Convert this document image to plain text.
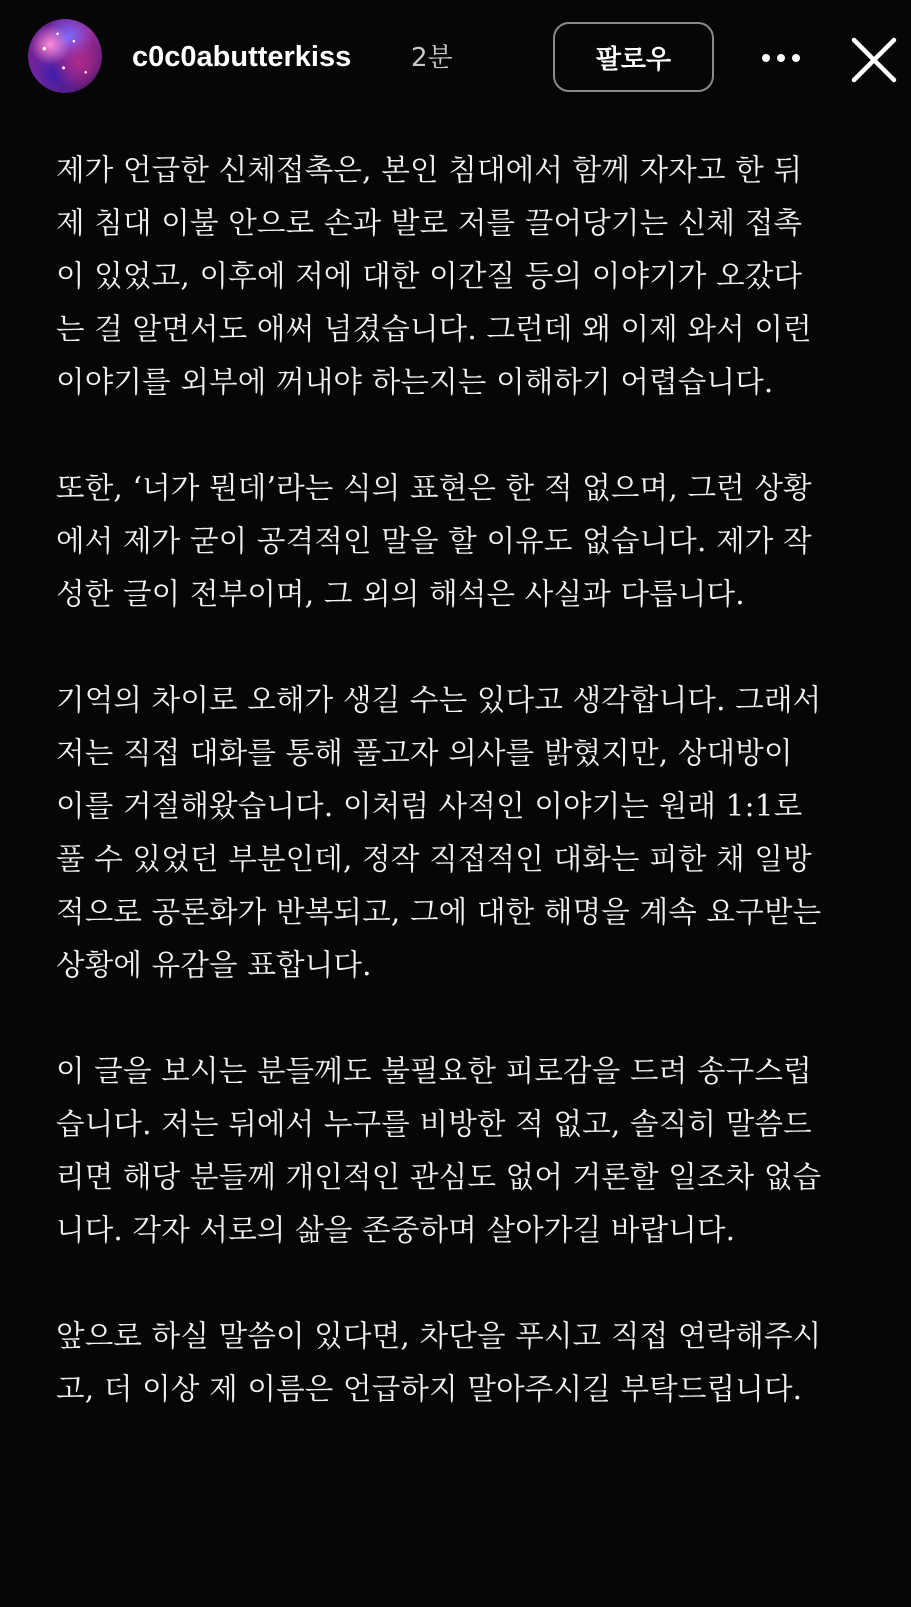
c0c0abutterkiss 2분	팔로우

제가 언급한 신체접촉은, 본인 침대에서 함께 자자고 한 뒤
제 침대 이불 안으로 손과 발로 저를 끌어당기는 신체 접촉
이 있었고, 이후에 저에 대한 이간질 등의 이야기가 오갔다
는 걸 알면서도 애써 넘겼습니다. 그런데 왜 이제 와서 이런
이야기를 외부에 꺼내야 하는지는 이해하기 어렵습니다.

또한, ‘너가 뭔데’라는 식의 표현은 한 적 없으며, 그런 상황
에서 제가 굳이 공격적인 말을 할 이유도 없습니다. 제가 작
성한 글이 전부이며, 그 외의 해석은 사실과 다릅니다.

기억의 차이로 오해가 생길 수는 있다고 생각합니다. 그래서
저는 직접 대화를 통해 풀고자 의사를 밝혔지만, 상대방이
이를 거절해왔습니다. 이처럼 사적인 이야기는 원래 1:1로
풀 수 있었던 부분인데, 정작 직접적인 대화는 피한 채 일방
적으로 공론화가 반복되고, 그에 대한 해명을 계속 요구받는
상황에 유감을 표합니다.

이 글을 보시는 분들께도 불필요한 피로감을 드려 송구스럽
습니다. 저는 뒤에서 누구를 비방한 적 없고, 솔직히 말씀드
리면 해당 분들께 개인적인 관심도 없어 거론할 일조차 없습
니다. 각자 서로의 삶을 존중하며 살아가길 바랍니다.

앞으로 하실 말씀이 있다면, 차단을 푸시고 직접 연락해주시
고, 더 이상 제 이름은 언급하지 말아주시길 부탁드립니다.
